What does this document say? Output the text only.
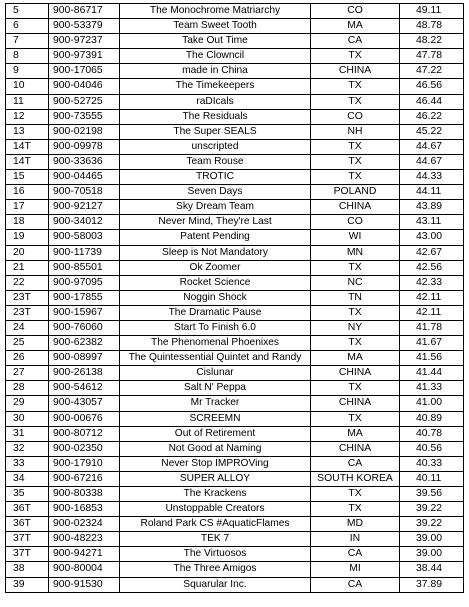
5	900-86717	The Monochrome Matriarchy	CO	49.11
6	900-53379	Team Sweet Tooth	MA	48.78
7	900-97237	Take Out Time	CA	48.22
8	900-97391	The Clowncil	TX	47.78
9	900-17065	made in China	CHINA	47.22
10	900-04046	The Timekeepers	TX	46.56
11	900-52725	raDIcals	TX	46.44
12	900-73555	The Residuals	CO	46.22
13	900-02198	The Super SEALS	NH	45.22
14T	900-09978	unscripted	TX	44.67
14T	900-33636	Team Rouse	TX	44.67
15	900-04465	TROTIC	TX	44.33
16	900-70518	Seven Days	POLAND	44.11
17	900-92127	Sky Dream Team	CHINA	43.89
18	900-34012	Never Mind, They're Last	CO	43.11
19	900-58003	Patent Pending	WI	43.00
20	900-11739	Sleep is Not Mandatory	MN	42.67
21	900-85501	Ok Zoomer	TX	42.56
22	900-97095	Rocket Science	NC	42.33
23T	900-17855	Noggin Shock	TN	42.11
23T	900-15967	The Dramatic Pause	TX	42.11
24	900-76060	Start To Finish 6.0	NY	41.78
25	900-62382	The Phenomenal Phoenixes	TX	41.67
26	900-08997	The Quintessential Quintet and Randy	MA	41.56
27	900-26138	Cislunar	CHINA	41.44
28	900-54612	Salt N' Peppa	TX	41.33
29	900-43057	Mr Tracker	CHINA	41.00
30	900-00676	SCREEMN	TX	40.89
31	900-80712	Out of Retirement	MA	40.78
32	900-02350	Not Good at Naming	CHINA	40.56
33	900-17910	Never Stop IMPROVing	CA	40.33
34	900-67216	SUPER ALLOY	SOUTH KOREA	40.11
35	900-80338	The Krackens	TX	39.56
36T	900-16853	Unstoppable Creators	TX	39.22
36T	900-02324	Roland Park CS #AquaticFlames	MD	39.22
37T	900-48223	TEK 7	IN	39.00
37T	900-94271	The Virtuosos	CA	39.00
38	900-80004	The Three Amigos	MI	38.44
39	900-91530	Squarular Inc.	CA	37.89
